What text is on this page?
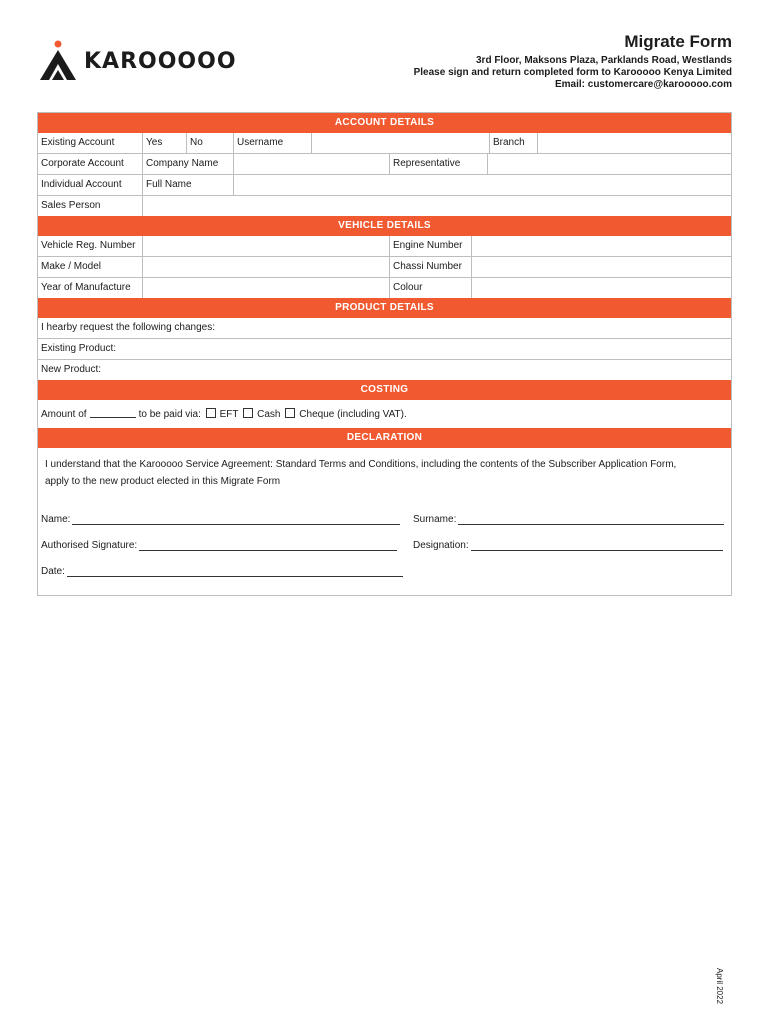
KAROOOOO
Migrate Form
3rd Floor, Maksons Plaza, Parklands Road, Westlands
Please sign and return completed form to Karooooo Kenya Limited
Email: customercare@karooooo.com
ACCOUNT DETAILS
Existing Account	Yes	No	Username	Branch
Corporate Account	Company Name	Representative
Individual Account	Full Name
Sales Person
VEHICLE DETAILS
Vehicle Reg. Number	Engine Number
Make / Model	Chassi Number
Year of Manufacture	Colour
PRODUCT DETAILS
I hearby request the following changes:
Existing Product:
New Product:
COSTING
Amount of	to be paid via: EFT Cash Cheque (including VAT).
DECLARATION
I understand that the Karooooo Service Agreement: Standard Terms and Conditions, including the contents of the Subscriber Application Form,
apply to the new product elected in this Migrate Form
Name:	Surname:
Authorised Signature:	Designation:
Date:
April 2022
